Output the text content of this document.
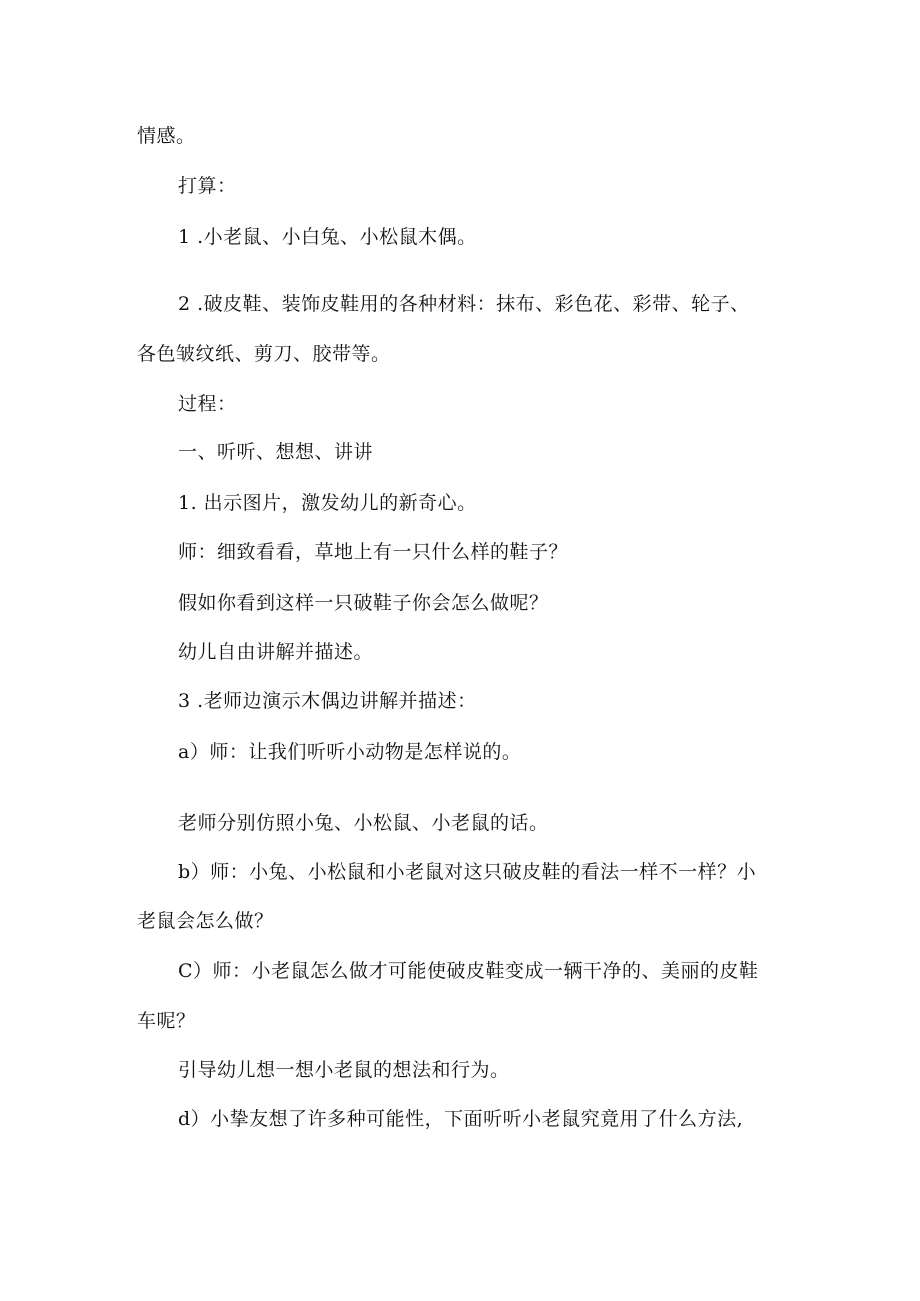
情感。
打算：
1 .小老鼠、小白兔、小松鼠木偶。
2 .破皮鞋、装饰皮鞋用的各种材料：抹布、彩色花、彩带、轮子、
各色皱纹纸、剪刀、胶带等。
过程：
一、听听、想想、讲讲
1. 出示图片，激发幼儿的新奇心。
师：细致看看，草地上有一只什么样的鞋子？
假如你看到这样一只破鞋子你会怎么做呢？
幼儿自由讲解并描述。
3 .老师边演示木偶边讲解并描述：
a）师：让我们听听小动物是怎样说的。
老师分别仿照小兔、小松鼠、小老鼠的话。
b）师：小兔、小松鼠和小老鼠对这只破皮鞋的看法一样不一样？小
老鼠会怎么做？
C）师：小老鼠怎么做才可能使破皮鞋变成一辆干净的、美丽的皮鞋
车呢？
引导幼儿想一想小老鼠的想法和行为。
d）小挚友想了许多种可能性，下面听听小老鼠究竟用了什么方法,
